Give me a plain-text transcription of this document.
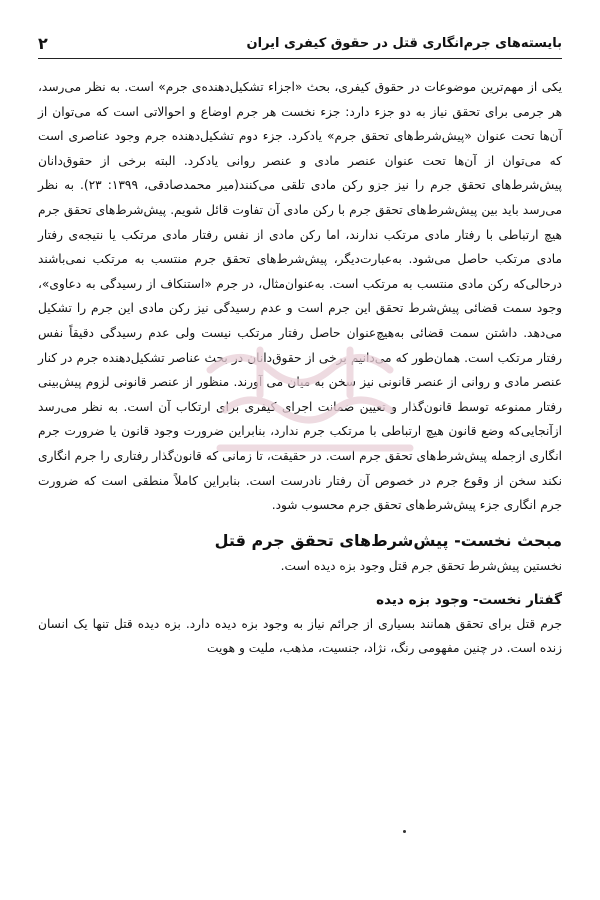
بایسته‌های جرم‌انگاری قتل در حقوق کیفری ایران
۲

یکی از مهم‌ترین موضوعات در حقوق کیفری، بحث «اجزاء تشکیل‌دهنده‌ی جرم» است. به نظر می‌رسد، هر جرمی برای تحقق نیاز به دو جزء دارد: جزء نخست هر جرم اوضاع و احوالاتی است که می‌توان از آن‌ها تحت عنوان «پیش‌شرط‌های تحقق جرم» یادکرد. جزء دوم تشکیل‌دهنده جرم وجود عناصری است که می‌توان از آن‌ها تحت عنوان عنصر مادی و عنصر روانی یادکرد. البته برخی از حقوق‌دانان پیش‌شرط‌های تحقق جرم را نیز جزو رکن مادی تلقی می‌کنند(میر محمدصادقی، ۱۳۹۹: ۲۳). به نظر می‌رسد باید بین پیش‌شرط‌های تحقق جرم با رکن مادی آن تفاوت قائل شویم. پیش‌شرط‌های تحقق جرم هیچ ارتباطی با رفتار مادی مرتکب ندارند، اما رکن مادی از نفس رفتار مادی مرتکب یا نتیجه‌ی رفتار مادی مرتکب حاصل می‌شود. به‌عبارت‌دیگر، پیش‌شرط‌های تحقق جرم منتسب به مرتکب نمی‌باشند درحالی‌که رکن مادی منتسب به مرتکب است. به‌عنوان‌مثال، در جرم «استنکاف از رسیدگی به دعاوی»، وجود سمت قضائی پیش‌شرط تحقق این جرم است و عدم رسیدگی نیز رکن مادی این جرم را تشکیل می‌دهد. داشتن سمت قضائی به‌هیچ‌عنوان حاصل رفتار مرتکب نیست ولی عدم رسیدگی دقیقاً نفس رفتار مرتکب است. همان‌طور که می‌دانیم برخی از حقوق‌دانان در بحث عناصر تشکیل‌دهنده جرم در کنار عنصر مادی و روانی از عنصر قانونی نیز سخن به میان می آورند. منظور از عنصر قانونی لزوم پیش‌بینی رفتار ممنوعه توسط قانون‌گذار و تعیین ضمانت اجرای کیفری برای ارتکاب آن است. به نظر می‌رسد ازآنجایی‌که وضع قانون هیچ ارتباطی با مرتکب جرم ندارد، بنابراین ضرورت وجود قانون یا ضرورت جرم انگاری ازجمله پیش‌شرط‌های تحقق جرم است. در حقیقت، تا زمانی که قانون‌گذار رفتاری را جرم انگاری نکند سخن از وقوع جرم در خصوص آن رفتار نادرست است. بنابراین کاملاً منطقی است که ضرورت جرم انگاری جزء پیش‌شرط‌های تحقق جرم محسوب شود.

مبحث نخست- پیش‌شرط‌های تحقق جرم قتل

نخستین پیش‌شرط تحقق جرم قتل وجود بزه دیده است.

گفتار نخست- وجود بزه دیده

جرم قتل برای تحقق همانند بسیاری از جرائم نیاز به وجود بزه دیده دارد. بزه دیده قتل تنها یک انسان زنده است. در چنین مفهومی رنگ، نژاد، جنسیت، مذهب، ملیت و هویت
